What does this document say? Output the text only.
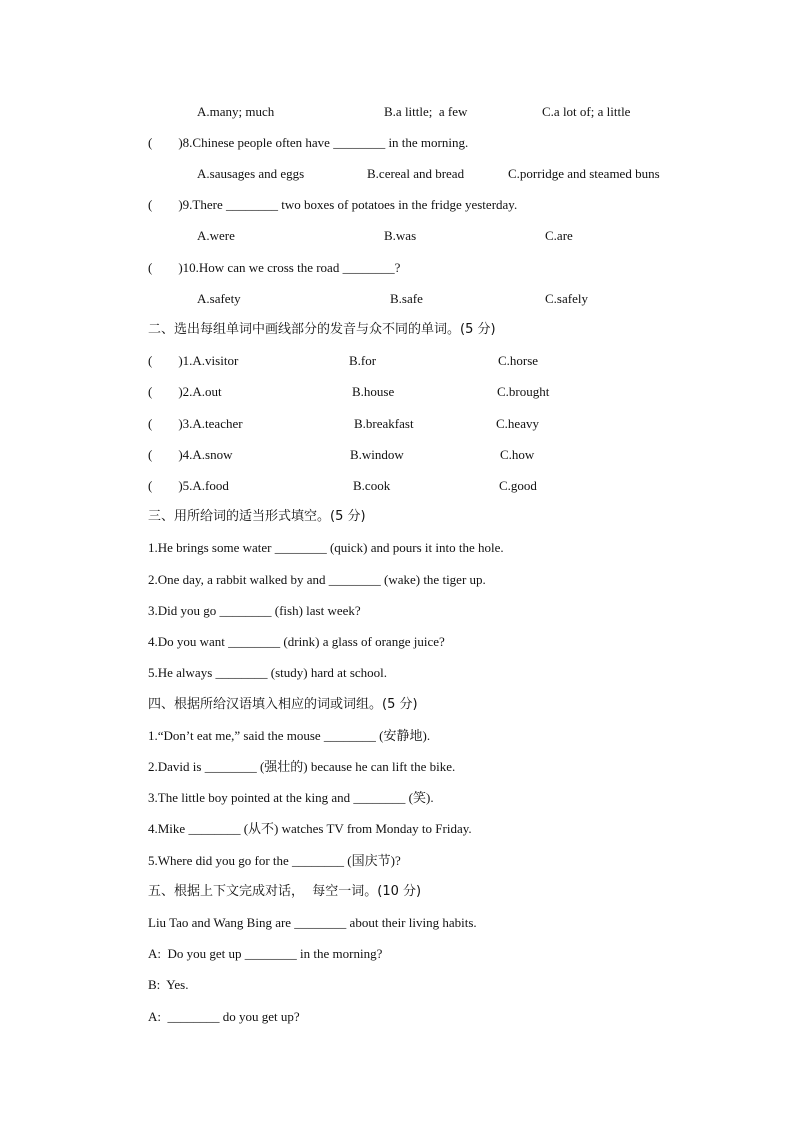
A.many; much	B.a little;  a few	C.a lot of; a little
(        )8.Chinese people often have ________ in the morning.
A.sausages and eggs	B.cereal and bread	C.porridge and steamed buns
(        )9.There ________ two boxes of potatoes in the fridge yesterday.
A.were	B.was	C.are
(        )10.How can we cross the road ________?
A.safety	B.safe	C.safely
二、选出每组单词中画线部分的发音与众不同的单词。(5 分)
(        )1.A.visitor	B.for	C.horse
(        )2.A.out	B.house	C.brought
(        )3.A.teacher	B.breakfast	C.heavy
(        )4.A.snow	B.window	C.how
(        )5.A.food	B.cook	C.good
三、用所给词的适当形式填空。(5 分)
1.He brings some water ________ (quick) and pours it into the hole.
2.One day, a rabbit walked by and ________ (wake) the tiger up.
3.Did you go ________ (fish) last week?
4.Do you want ________ (drink) a glass of orange juice?
5.He always ________ (study) hard at school.
四、根据所给汉语填入相应的词或词组。(5 分)
1.“Don’t eat me,” said the mouse ________ (安静地).
2.David is ________ (强壮的) because he can lift the bike.
3.The little boy pointed at the king and ________ (笑).
4.Mike ________ (从不) watches TV from Monday to Friday.
5.Where did you go for the ________ (国庆节)?
五、根据上下文完成对话，  每空一词。(10 分)
Liu Tao and Wang Bing are ________ about their living habits.
A:  Do you get up ________ in the morning?
B:  Yes.
A:  ________ do you get up?
